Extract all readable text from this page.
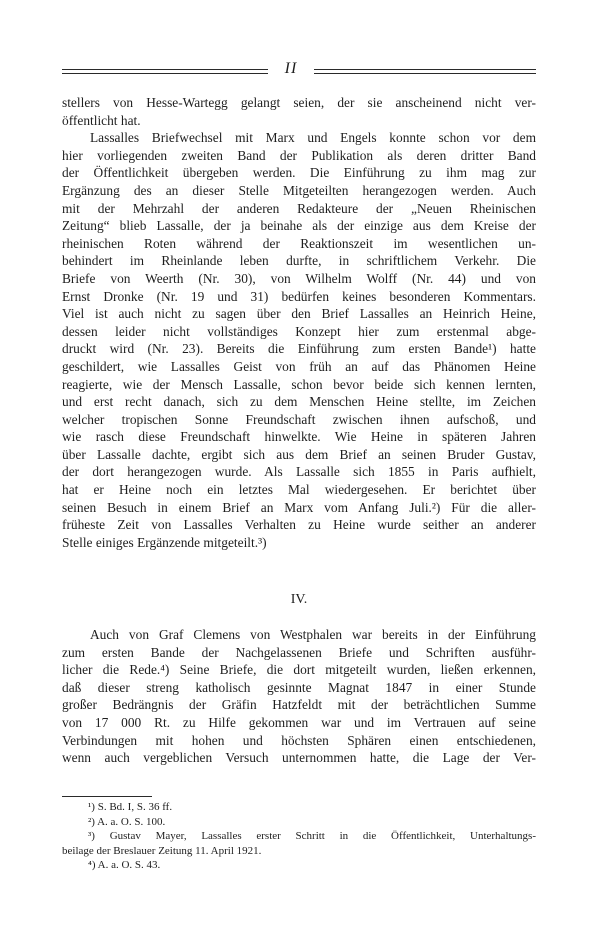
II
stellers von Hesse-Wartegg gelangt seien, der sie anscheinend nicht ver-
öffentlicht hat.
Lassalles Briefwechsel mit Marx und Engels konnte schon vor dem
hier vorliegenden zweiten Band der Publikation als deren dritter Band
der Öffentlichkeit übergeben werden. Die Einführung zu ihm mag zur
Ergänzung des an dieser Stelle Mitgeteilten herangezogen werden. Auch
mit der Mehrzahl der anderen Redakteure der „Neuen Rheinischen
Zeitung“ blieb Lassalle, der ja beinahe als der einzige aus dem Kreise der
rheinischen Roten während der Reaktionszeit im wesentlichen un-
behindert im Rheinlande leben durfte, in schriftlichem Verkehr. Die
Briefe von Weerth (Nr. 30), von Wilhelm Wolff (Nr. 44) und von
Ernst Dronke (Nr. 19 und 31) bedürfen keines besonderen Kommentars.
Viel ist auch nicht zu sagen über den Brief Lassalles an Heinrich Heine,
dessen leider nicht vollständiges Konzept hier zum erstenmal abge-
druckt wird (Nr. 23). Bereits die Einführung zum ersten Bande¹) hatte
geschildert, wie Lassalles Geist von früh an auf das Phänomen Heine
reagierte, wie der Mensch Lassalle, schon bevor beide sich kennen lernten,
und erst recht danach, sich zu dem Menschen Heine stellte, im Zeichen
welcher tropischen Sonne Freundschaft zwischen ihnen aufschoß, und
wie rasch diese Freundschaft hinwelkte. Wie Heine in späteren Jahren
über Lassalle dachte, ergibt sich aus dem Brief an seinen Bruder Gustav,
der dort herangezogen wurde. Als Lassalle sich 1855 in Paris aufhielt,
hat er Heine noch ein letztes Mal wiedergesehen. Er berichtet über
seinen Besuch in einem Brief an Marx vom Anfang Juli.²) Für die aller-
früheste Zeit von Lassalles Verhalten zu Heine wurde seither an anderer
Stelle einiges Ergänzende mitgeteilt.³)
IV.
Auch von Graf Clemens von Westphalen war bereits in der Einführung
zum ersten Bande der Nachgelassenen Briefe und Schriften ausführ-
licher die Rede.⁴) Seine Briefe, die dort mitgeteilt wurden, ließen erkennen,
daß dieser streng katholisch gesinnte Magnat 1847 in einer Stunde
großer Bedrängnis der Gräfin Hatzfeldt mit der beträchtlichen Summe
von 17 000 Rt. zu Hilfe gekommen war und im Vertrauen auf seine
Verbindungen mit hohen und höchsten Sphären einen entschiedenen,
wenn auch vergeblichen Versuch unternommen hatte, die Lage der Ver-
¹) S. Bd. I, S. 36 ff.
²) A. a. O. S. 100.
³) Gustav Mayer, Lassalles erster Schritt in die Öffentlichkeit, Unterhaltungs-
beilage der Breslauer Zeitung 11. April 1921.
⁴) A. a. O. S. 43.
